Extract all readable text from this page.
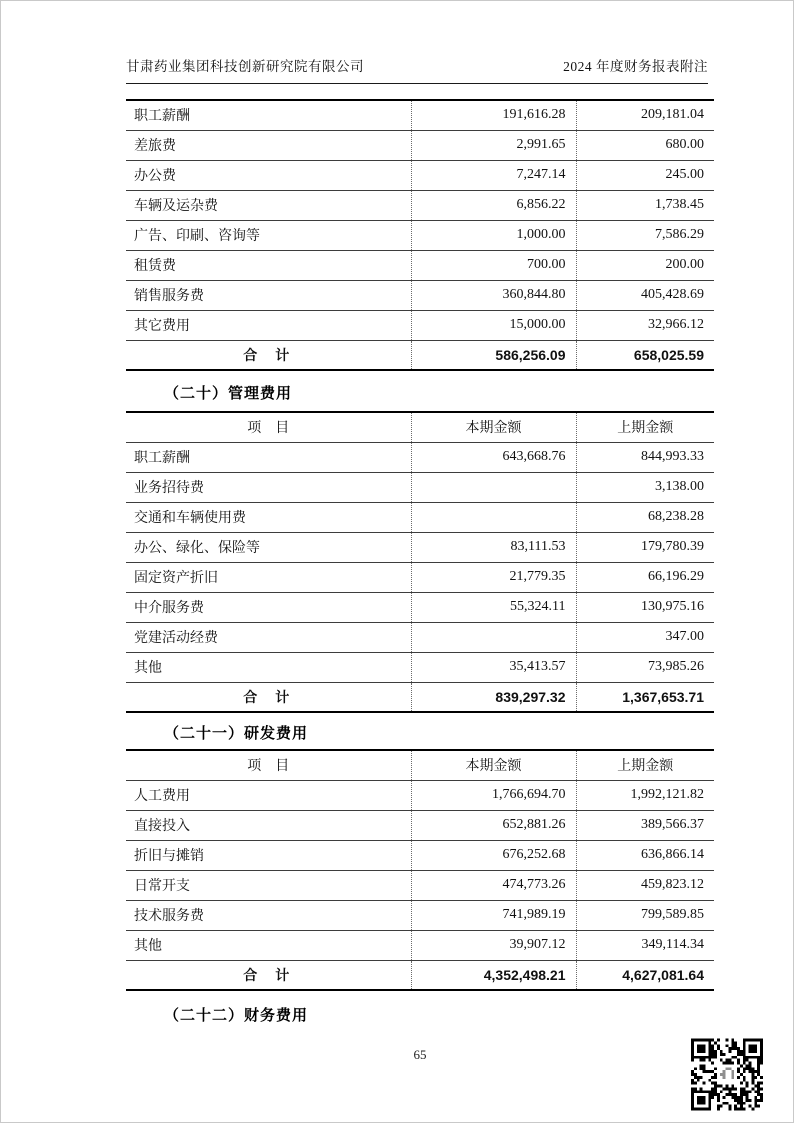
甘肃药业集团科技创新研究院有限公司	2024 年度财务报表附注
职工薪酬	191,616.28	209,181.04
差旅费	2,991.65	680.00
办公费	7,247.14	245.00
车辆及运杂费	6,856.22	1,738.45
广告、印刷、咨询等	1,000.00	7,586.29
租赁费	700.00	200.00
销售服务费	360,844.80	405,428.69
其它费用	15,000.00	32,966.12
合　计	586,256.09	658,025.59
（二十）管理费用
项　目	本期金额	上期金额
职工薪酬	643,668.76	844,993.33
业务招待费		3,138.00
交通和车辆使用费		68,238.28
办公、绿化、保险等	83,111.53	179,780.39
固定资产折旧	21,779.35	66,196.29
中介服务费	55,324.11	130,975.16
党建活动经费		347.00
其他	35,413.57	73,985.26
合　计	839,297.32	1,367,653.71
（二十一）研发费用
项　目	本期金额	上期金额
人工费用	1,766,694.70	1,992,121.82
直接投入	652,881.26	389,566.37
折旧与摊销	676,252.68	636,866.14
日常开支	474,773.26	459,823.12
技术服务费	741,989.19	799,589.85
其他	39,907.12	349,114.34
合　计	4,352,498.21	4,627,081.64
（二十二）财务费用
65
